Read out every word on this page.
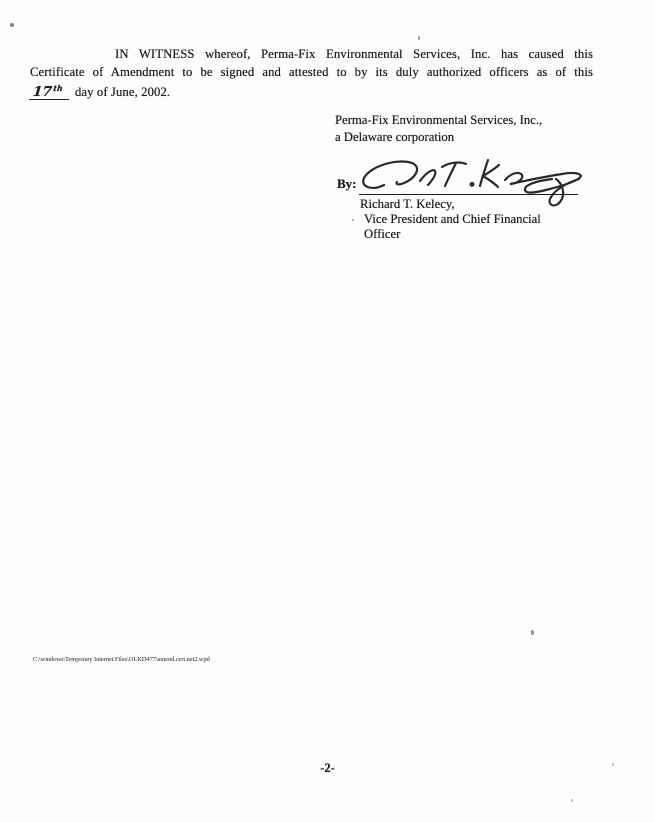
IN WITNESS whereof, Perma-Fix Environmental Services, Inc. has caused this
Certificate of Amendment to be signed and attested to by its duly authorized officers as of this
17th day of June, 2002.
Perma-Fix Environmental Services, Inc.,
a Delaware corporation
By:
Richard T. Kelecy,
Vice President and Chief Financial
Officer
C:\windows\Temporary Internet Files\OLKD477\amend.cert.net2.wpd
-2-
